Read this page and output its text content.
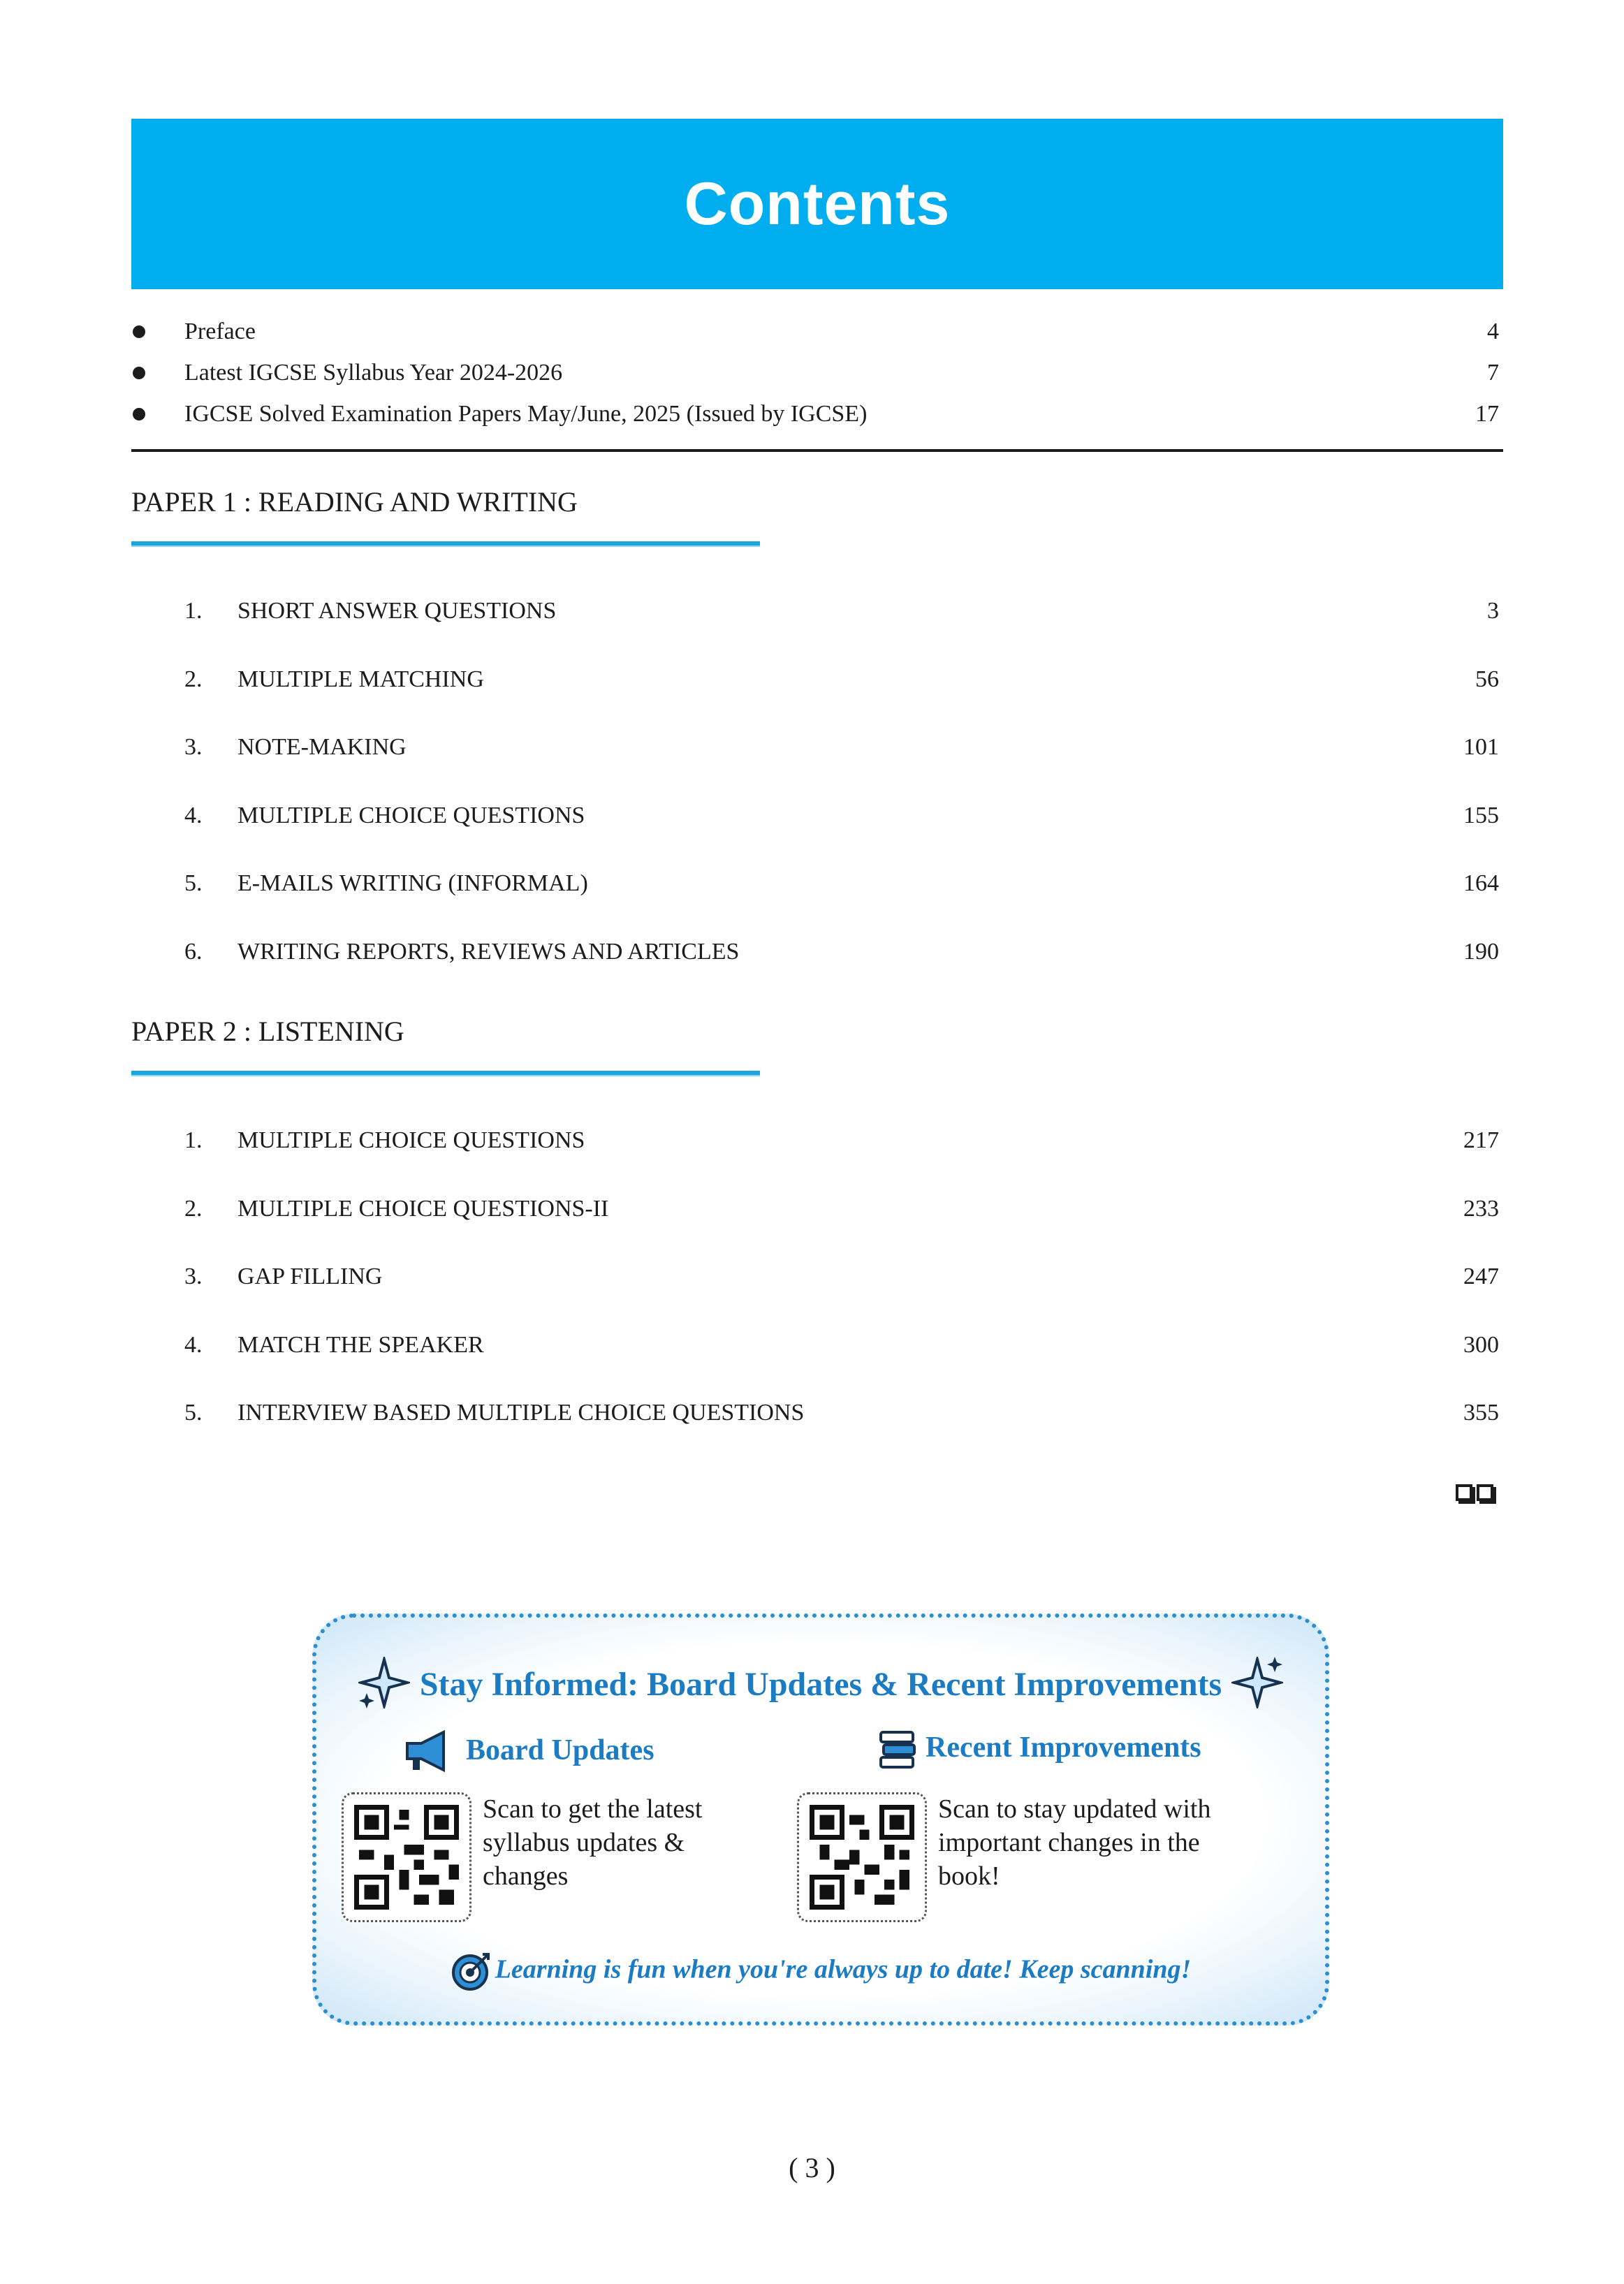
Contents
Preface	4
Latest IGCSE Syllabus Year 2024-2026	7
IGCSE Solved Examination Papers May/June, 2025 (Issued by IGCSE)	17
PAPER 1 : READING AND WRITING
1. SHORT ANSWER QUESTIONS	3
2. MULTIPLE MATCHING	56
3. NOTE-MAKING	101
4. MULTIPLE CHOICE QUESTIONS	155
5. E-MAILS WRITING (INFORMAL)	164
6. WRITING REPORTS, REVIEWS AND ARTICLES	190
PAPER 2 : LISTENING
1. MULTIPLE CHOICE QUESTIONS	217
2. MULTIPLE CHOICE QUESTIONS-II	233
3. GAP FILLING	247
4. MATCH THE SPEAKER	300
5. INTERVIEW BASED MULTIPLE CHOICE QUESTIONS	355
Stay Informed: Board Updates & Recent Improvements
Board Updates	Recent Improvements
Scan to get the latest syllabus updates & changes
Scan to stay updated with important changes in the book!
Learning is fun when you're always up to date! Keep scanning!
( 3 )
